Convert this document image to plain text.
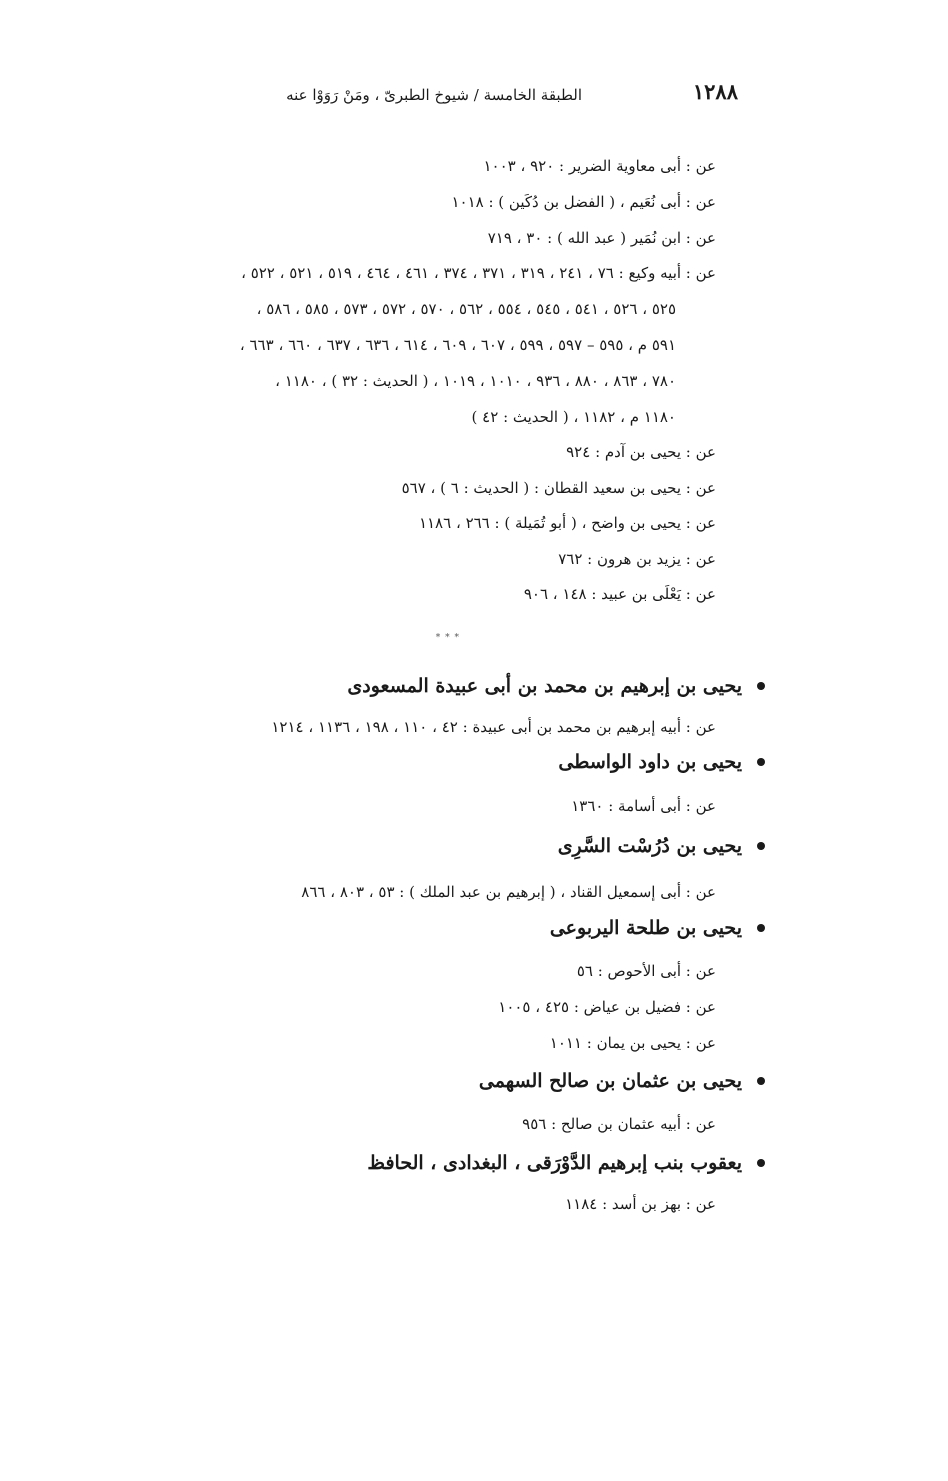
١٢٨٨
الطبقة الخامسة / شيوخ الطبرىّ ، ومَنْ رَوَوْا عنه
عن : أبى معاوية الضرير : ٩٢٠ ، ١٠٠٣
عن : أبى نُعَيم ، ( الفضل بن دُكَين ) : ١٠١٨
عن : ابن نُمَير ( عبد الله ) : ٣٠ ، ٧١٩
عن : أبيه وكيع : ٧٦ ، ٢٤١ ، ٣١٩ ، ٣٧١ ، ٣٧٤ ، ٤٦١ ، ٤٦٤ ، ٥١٩ ، ٥٢١ ، ٥٢٢ ،
٥٢٥ ، ٥٢٦ ، ٥٤١ ، ٥٤٥ ، ٥٥٤ ، ٥٦٢ ، ٥٧٠ ، ٥٧٢ ، ٥٧٣ ، ٥٨٥ ، ٥٨٦ ،
٥٩١ م ، ٥٩٥ – ٥٩٧ ، ٥٩٩ ، ٦٠٧ ، ٦٠٩ ، ٦١٤ ، ٦٣٦ ، ٦٣٧ ، ٦٦٠ ، ٦٦٣ ،
٧٨٠ ، ٨٦٣ ، ٨٨٠ ، ٩٣٦ ، ١٠١٠ ، ١٠١٩ ، ( الحديث : ٣٢ ) ، ١١٨٠ ،
١١٨٠ م ، ١١٨٢ ، ( الحديث : ٤٢ )
عن : يحيى بن آدم : ٩٢٤
عن : يحيى بن سعيد القطان : ( الحديث : ٦ ) ، ٥٦٧
عن : يحيى بن واضح ، ( أبو تُمَيلة ) : ٢٦٦ ، ١١٨٦
عن : يزيد بن هرون : ٧٦٢
عن : يَعْلَى بن عبيد : ١٤٨ ، ٩٠٦
* * *
يحيى بن إبرهيم بن محمد بن أبى عبيدة المسعودى
عن : أبيه إبرهيم بن محمد بن أبى عبيدة : ٤٢ ، ١١٠ ، ١٩٨ ، ١١٣٦ ، ١٢١٤
يحيى بن داود الواسطى
عن : أبى أسامة : ١٣٦٠
يحيى بن دُرُسْت السَّرِى
عن : أبى إسمعيل القناد ، ( إبرهيم بن عبد الملك ) : ٥٣ ، ٨٠٣ ، ٨٦٦
يحيى بن طلحة اليربوعى
عن : أبى الأحوص : ٥٦
عن : فضيل بن عياض : ٤٢٥ ، ١٠٠٥
عن : يحيى بن يمان : ١٠١١
يحيى بن عثمان بن صالح السهمى
عن : أبيه عثمان بن صالح : ٩٥٦
يعقوب بنب إبرهيم الدَّوْرَقى ، البغدادى ، الحافظ
عن : بهز بن أسد : ١١٨٤
